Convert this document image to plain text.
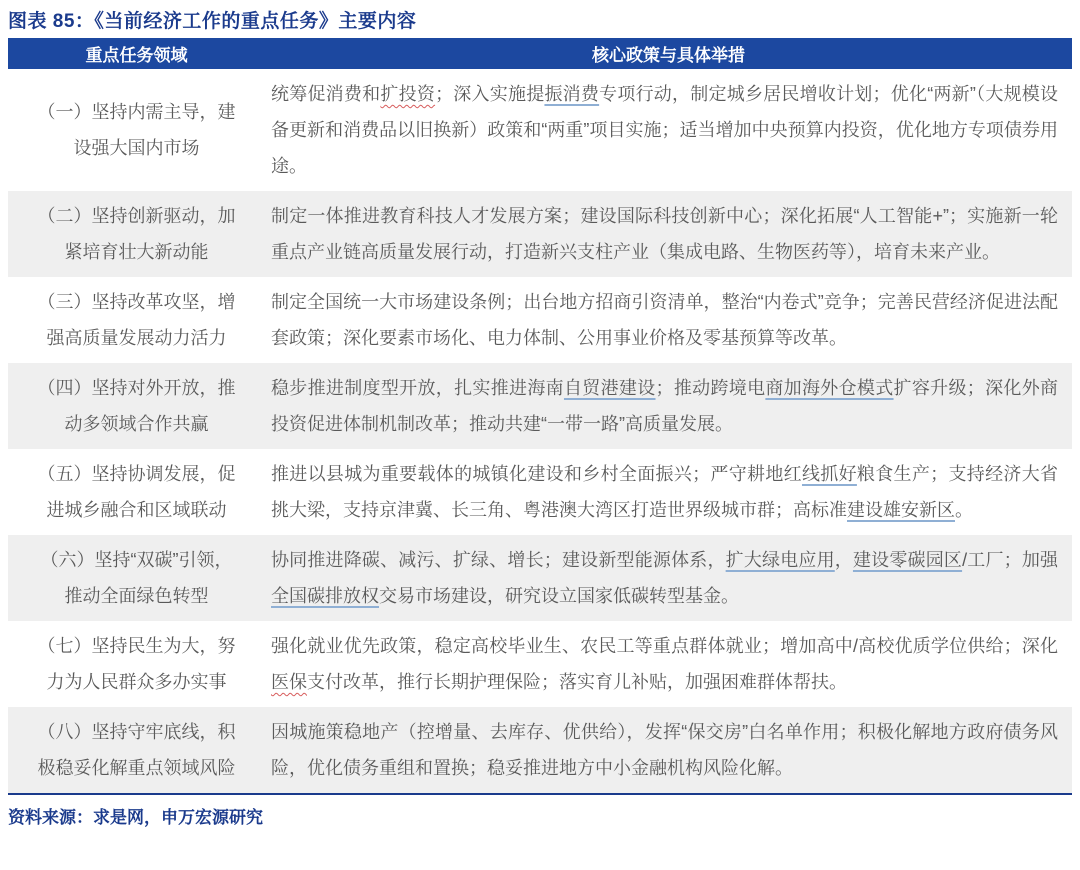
图表 85：《当前经济工作的重点任务》主要内容
重点任务领域	核心政策与具体举措
（一）坚持内需主导，建设强大国内市场
统筹促消费和扩投资；深入实施提振消费专项行动，制定城乡居民增收计划；优化“两新”（大规模设备更新和消费品以旧换新）政策和“两重”项目实施；适当增加中央预算内投资，优化地方专项债券用途。
（二）坚持创新驱动，加紧培育壮大新动能
制定一体推进教育科技人才发展方案；建设国际科技创新中心；深化拓展“人工智能+”；实施新一轮重点产业链高质量发展行动，打造新兴支柱产业（集成电路、生物医药等），培育未来产业。
（三）坚持改革攻坚，增强高质量发展动力活力
制定全国统一大市场建设条例；出台地方招商引资清单，整治“内卷式”竞争；完善民营经济促进法配套政策；深化要素市场化、电力体制、公用事业价格及零基预算等改革。
（四）坚持对外开放，推动多领域合作共赢
稳步推进制度型开放，扎实推进海南自贸港建设；推动跨境电商加海外仓模式扩容升级；深化外商投资促进体制机制改革；推动共建“一带一路”高质量发展。
（五）坚持协调发展，促进城乡融合和区域联动
推进以县城为重要载体的城镇化建设和乡村全面振兴；严守耕地红线抓好粮食生产；支持经济大省挑大梁，支持京津冀、长三角、粤港澳大湾区打造世界级城市群；高标准建设雄安新区。
（六）坚持“双碳”引领，推动全面绿色转型
协同推进降碳、减污、扩绿、增长；建设新型能源体系，扩大绿电应用，建设零碳园区/工厂；加强全国碳排放权交易市场建设，研究设立国家低碳转型基金。
（七）坚持民生为大，努力为人民群众多办实事
强化就业优先政策，稳定高校毕业生、农民工等重点群体就业；增加高中/高校优质学位供给；深化医保支付改革，推行长期护理保险；落实育儿补贴，加强困难群体帮扶。
（八）坚持守牢底线，积极稳妥化解重点领域风险
因城施策稳地产（控增量、去库存、优供给），发挥“保交房”白名单作用；积极化解地方政府债务风险，优化债务重组和置换；稳妥推进地方中小金融机构风险化解。
资料来源：求是网，申万宏源研究
